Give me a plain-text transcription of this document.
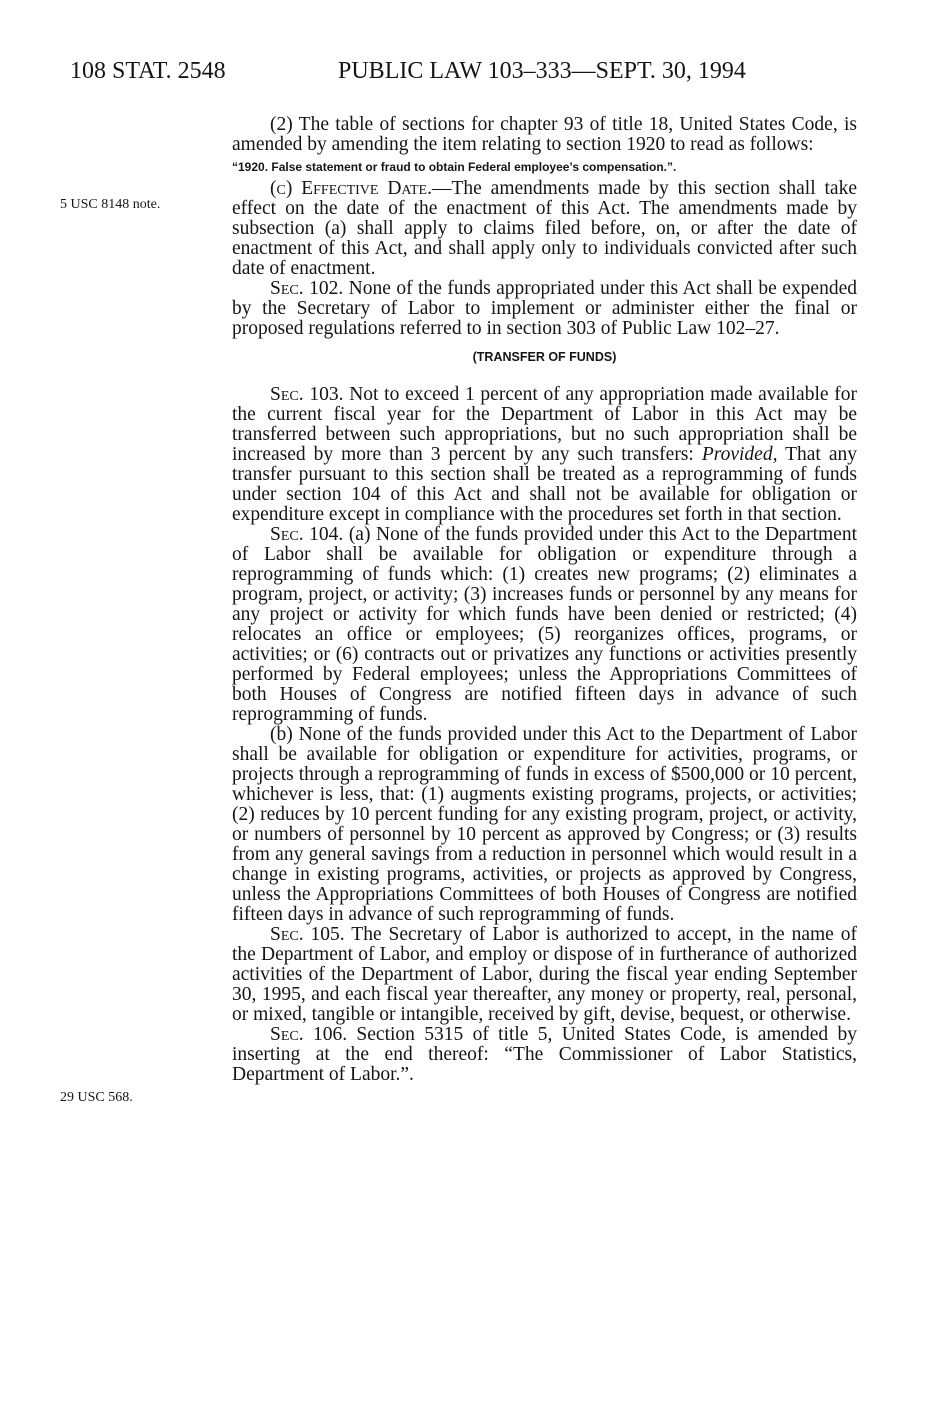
108 STAT. 2548	PUBLIC LAW 103–333—SEPT. 30, 1994
5 USC 8148 note.
29 USC 568.

(2) The table of sections for chapter 93 of title 18, United States Code, is amended by amending the item relating to section 1920 to read as follows:

“1920. False statement or fraud to obtain Federal employee’s compensation.”.

(c) Effective Date.—The amendments made by this section shall take effect on the date of the enactment of this Act. The amendments made by subsection (a) shall apply to claims filed before, on, or after the date of enactment of this Act, and shall apply only to individuals convicted after such date of enactment.

Sec. 102. None of the funds appropriated under this Act shall be expended by the Secretary of Labor to implement or administer either the final or proposed regulations referred to in section 303 of Public Law 102–27.

(TRANSFER OF FUNDS)

Sec. 103. Not to exceed 1 percent of any appropriation made available for the current fiscal year for the Department of Labor in this Act may be transferred between such appropriations, but no such appropriation shall be increased by more than 3 percent by any such transfers: Provided, That any transfer pursuant to this section shall be treated as a reprogramming of funds under section 104 of this Act and shall not be available for obligation or expenditure except in compliance with the procedures set forth in that section.

Sec. 104. (a) None of the funds provided under this Act to the Department of Labor shall be available for obligation or expenditure through a reprogramming of funds which: (1) creates new programs; (2) eliminates a program, project, or activity; (3) increases funds or personnel by any means for any project or activity for which funds have been denied or restricted; (4) relocates an office or employees; (5) reorganizes offices, programs, or activities; or (6) contracts out or privatizes any functions or activities presently performed by Federal employees; unless the Appropriations Committees of both Houses of Congress are notified fifteen days in advance of such reprogramming of funds.

(b) None of the funds provided under this Act to the Department of Labor shall be available for obligation or expenditure for activities, programs, or projects through a reprogramming of funds in excess of $500,000 or 10 percent, whichever is less, that: (1) augments existing programs, projects, or activities; (2) reduces by 10 percent funding for any existing program, project, or activity, or numbers of personnel by 10 percent as approved by Congress; or (3) results from any general savings from a reduction in personnel which would result in a change in existing programs, activities, or projects as approved by Congress, unless the Appropriations Committees of both Houses of Congress are notified fifteen days in advance of such reprogramming of funds.

Sec. 105. The Secretary of Labor is authorized to accept, in the name of the Department of Labor, and employ or dispose of in furtherance of authorized activities of the Department of Labor, during the fiscal year ending September 30, 1995, and each fiscal year thereafter, any money or property, real, personal, or mixed, tangible or intangible, received by gift, devise, bequest, or otherwise.

Sec. 106. Section 5315 of title 5, United States Code, is amended by inserting at the end thereof: “The Commissioner of Labor Statistics, Department of Labor.”.
